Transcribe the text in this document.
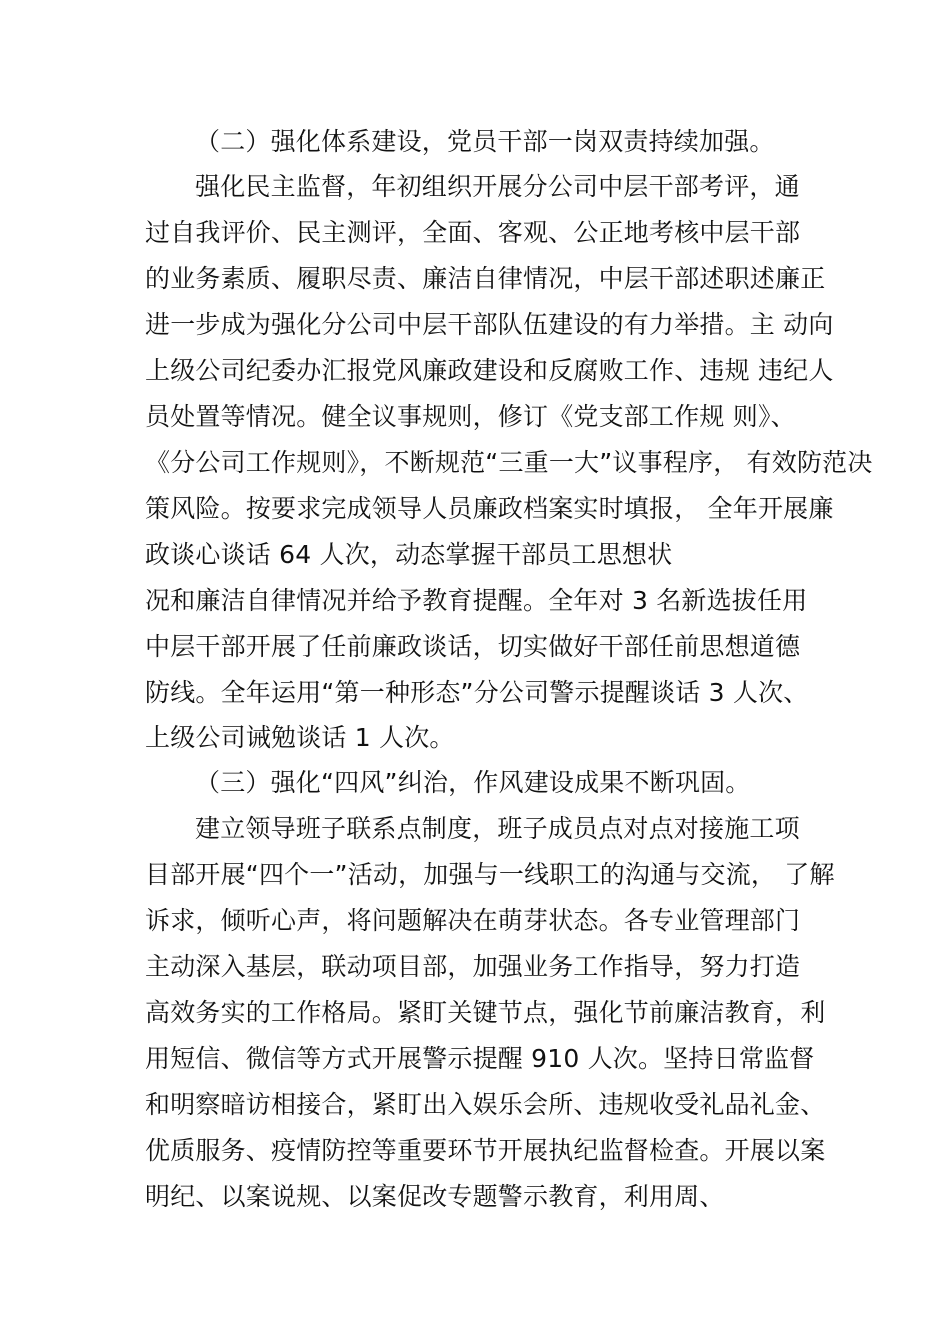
（二）强化体系建设，党员干部一岗双责持续加强。
强化民主监督，年初组织开展分公司中层干部考评，通
过自我评价、民主测评，全面、客观、公正地考核中层干部
的业务素质、履职尽责、廉洁自律情况，中层干部述职述廉正
进一步成为强化分公司中层干部队伍建设的有力举措。主 动向
上级公司纪委办汇报党风廉政建设和反腐败工作、违规 违纪人
员处置等情况。健全议事规则，修订《党支部工作规 则》、
《分公司工作规则》，不断规范“三重一大”议事程序， 有效防范决
策风险。按要求完成领导人员廉政档案实时填报， 全年开展廉
政谈心谈话 64 人次，动态掌握干部员工思想状
况和廉洁自律情况并给予教育提醒。全年对 3 名新选拔任用
中层干部开展了任前廉政谈话，切实做好干部任前思想道德
防线。全年运用“第一种形态”分公司警示提醒谈话 3 人次、
上级公司诫勉谈话 1 人次。
（三）强化“四风”纠治，作风建设成果不断巩固。
建立领导班子联系点制度，班子成员点对点对接施工项
目部开展“四个一”活动，加强与一线职工的沟通与交流， 了解
诉求，倾听心声，将问题解决在萌芽状态。各专业管理部门
主动深入基层，联动项目部，加强业务工作指导，努力打造
高效务实的工作格局。紧盯关键节点，强化节前廉洁教育，利
用短信、微信等方式开展警示提醒 910 人次。坚持日常监督
和明察暗访相接合，紧盯出入娱乐会所、违规收受礼品礼金、
优质服务、疫情防控等重要环节开展执纪监督检查。开展以案
明纪、以案说规、以案促改专题警示教育，利用周、
